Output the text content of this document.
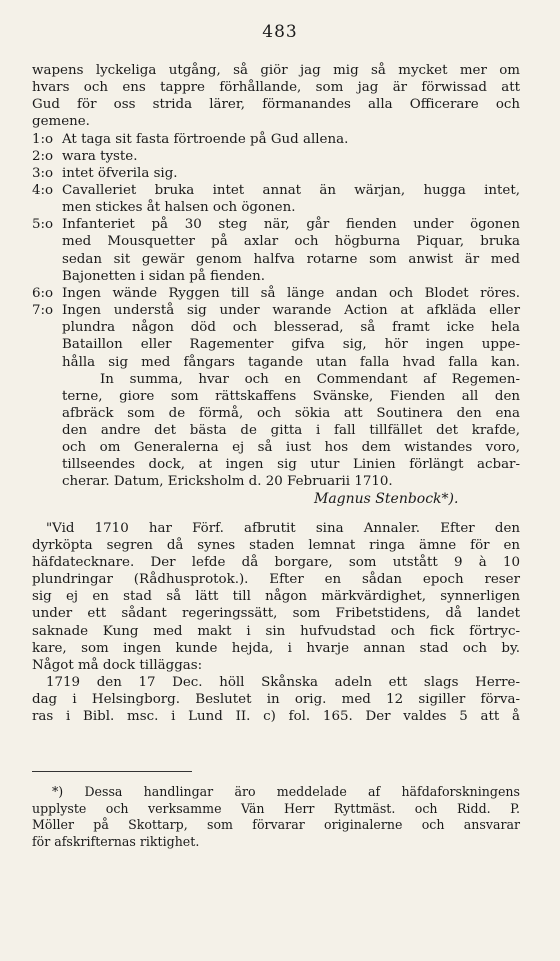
483
wapens lyckeliga utgång, så giör jag mig så mycket mer om
hvars och ens tappre förhållande, som jag är förwissad att
Gud för oss strida lärer, förmanandes alla Officerare och
gemene.
1:o At taga sit fasta förtroende på Gud allena.
2:o wara tyste.
3:o intet öfverila sig.
4:o Cavalleriet bruka intet annat än wärjan, hugga intet,
men stickes åt halsen och ögonen.
5:o Infanteriet på 30 steg när, går fienden under ögonen
med Mousquetter på axlar och högburna Piquar, bruka
sedan sit gewär genom halfva rotarne som anwist är med
Bajonetten i sidan på fienden.
6:o Ingen wände Ryggen till så länge andan och Blodet röres.
7:o Ingen understå sig under warande Action at afkläda eller
plundra någon död och blesserad, så framt icke hela
Bataillon eller Ragementer gifva sig, hör ingen uppe-
hålla sig med fångars tagande utan falla hvad falla kan.
In summa, hvar och en Commendant af Regemen-
terne, giore som rättskaffens Svänske, Fienden all den
afbräck som de förmå, och sökia att Soutinera den ena
den andre det bästa de gitta i fall tillfället det krafde,
och om Generalerna ej så iust hos dem wistandes voro,
tillseendes dock, at ingen sig utur Linien förlängt acbar-
cherar. Datum, Ericksholm d. 20 Februarii 1710.
Magnus Stenbock*).
"Vid 1710 har Förf. afbrutit sina Annaler. Efter den
dyrköpta segren då synes staden lemnat ringa ämne för en
häfdatecknare. Der lefde då borgare, som utstått 9 à 10
plundringar (Rådhusprotok.). Efter en sådan epoch reser
sig ej en stad så lätt till någon märkvärdighet, synnerligen
under ett sådant regeringssätt, som Fribetstidens, då landet
saknade Kung med makt i sin hufvudstad och fick förtryc-
kare, som ingen kunde hejda, i hvarje annan stad och by.
Något må dock tilläggas:
1719 den 17 Dec. höll Skånska adeln ett slags Herre-
dag i Helsingborg. Beslutet in orig. med 12 sigiller förva-
ras i Bibl. msc. i Lund II. c) fol. 165. Der valdes 5 att å
*) Dessa handlingar äro meddelade af häfdaforskningens
upplyste och verksamme Vän Herr Ryttmäst. och Ridd. P.
Möller på Skottarp, som förvarar originalerne och ansvarar
för afskrifternas riktighet.
